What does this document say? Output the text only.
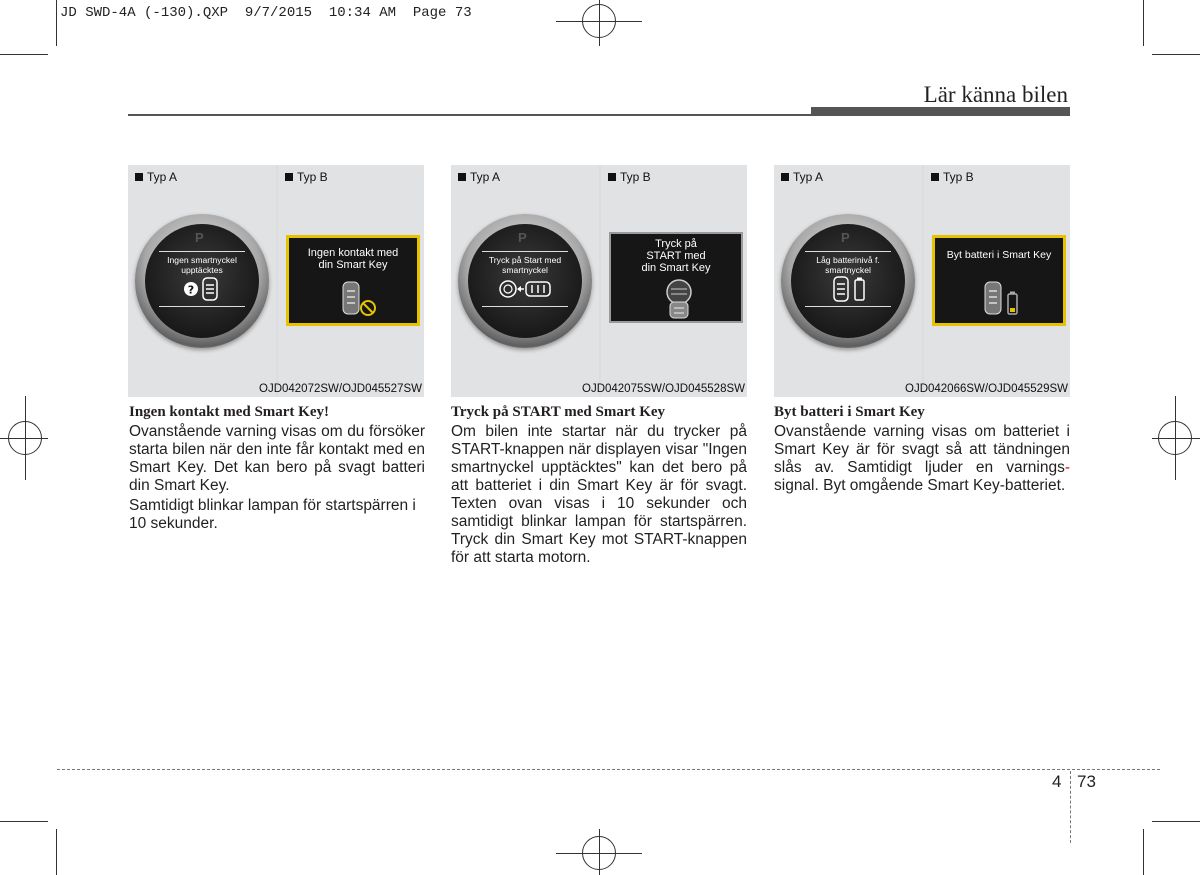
JD SWD-4A (-130).QXP  9/7/2015  10:34 AM  Page 73
Lär känna bilen
Typ A
P
Ingen smartnyckel upptäcktes
?
Typ B
Ingen kontakt med din Smart Key
OJD042072SW/OJD045527SW
Typ A
P
Tryck på Start med smartnyckel
Typ B
Tryck på START med din Smart Key
OJD042075SW/OJD045528SW
Typ A
P
Låg batterinivå f. smartnyckel
Typ B
Byt batteri i Smart Key
OJD042066SW/OJD045529SW
Ingen kontakt med Smart Key!

Ovanstående varning visas om du försöker starta bilen när den inte får kontakt med en Smart Key. Det kan bero på svagt batteri din Smart Key.

Samtidigt blinkar lampan för startspärren i 10 sekunder.

Tryck på START med Smart Key

Om bilen inte startar när du trycker på START-knappen när displayen visar "Ingen smartnyckel upptäcktes" kan det bero på att batteriet i din Smart Key är för svagt. Texten ovan visas i 10 sekunder och samtidigt blinkar lampan för startspärren. Tryck din Smart Key mot START-knappen för att starta motorn.

Byt batteri i Smart Key

Ovanstående varning visas om batteriet i Smart Key är för svagt så att tändningen slås av. Samtidigt ljuder en varnings- signal. Byt omgående Smart Key-batteriet.

4 73
